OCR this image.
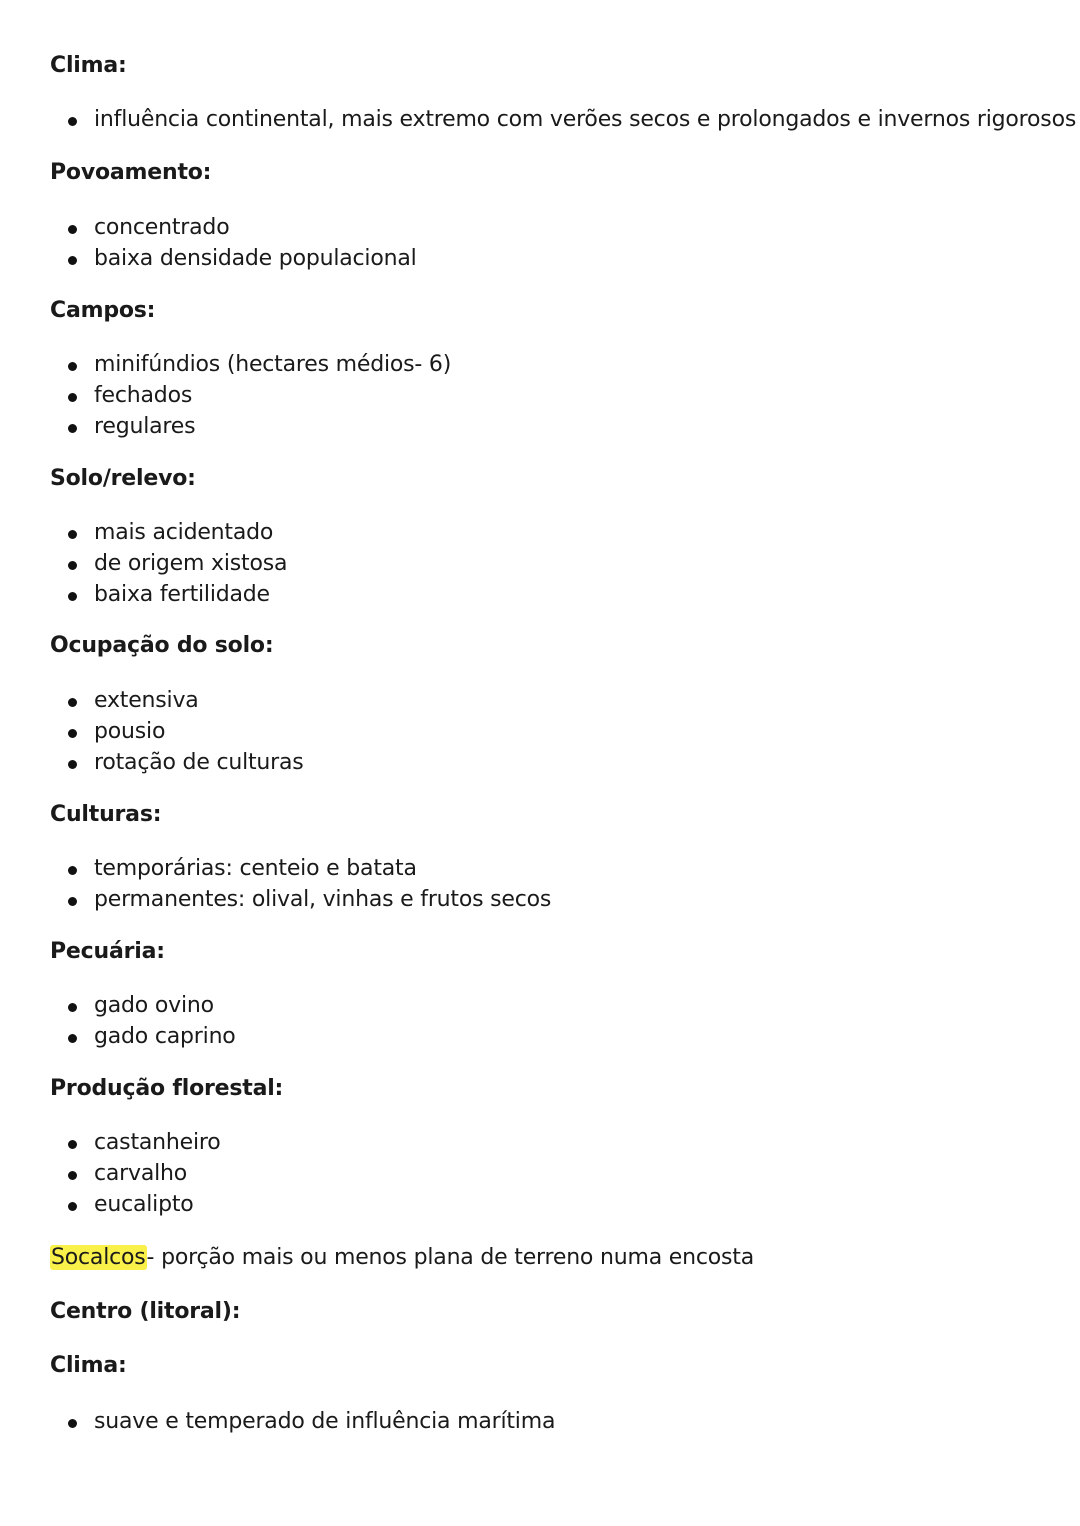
Clima:
influência continental, mais extremo com verões secos e prolongados e invernos rigorosos
Povoamento:
concentrado
baixa densidade populacional
Campos:
minifúndios (hectares médios- 6)
fechados
regulares
Solo/relevo:
mais acidentado
de origem xistosa
baixa fertilidade
Ocupação do solo:
extensiva
pousio
rotação de culturas
Culturas:
temporárias: centeio e batata
permanentes: olival, vinhas e frutos secos
Pecuária:
gado ovino
gado caprino
Produção florestal:
castanheiro
carvalho
eucalipto
Socalcos- porção mais ou menos plana de terreno numa encosta
Centro (litoral):
Clima:
suave e temperado de influência marítima
